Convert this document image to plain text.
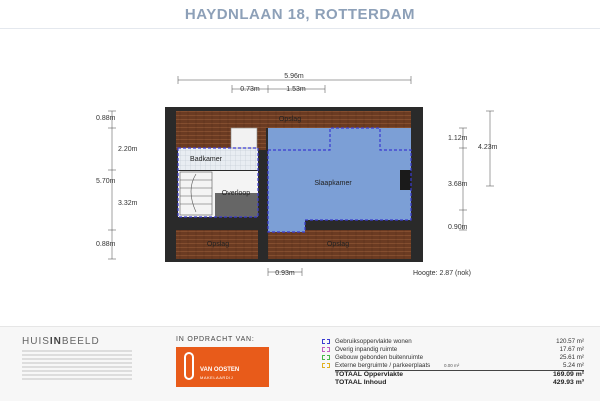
HAYDNLAAN 18, ROTTERDAM
5.96m
0.73m	1.53m
0.88m
2.20m
5.70m
3.32m
0.88m
1.12m
4.23m
3.68m
0.90m
0.93m	Hoogte: 2.87 (nok)
Opslag
Badkamer
Slaapkamer
Overloop
Opslag	Opslag
HUISINBEELD	IN OPDRACHT VAN:
VAN OOSTEN
MAKELAARDIJ
Gebruiksoppervlakte wonen	120.57 m²
Overig inpandig ruimte	17.67 m²
Gebouw gebonden buitenruimte	25.61 m²
Externe bergruimte / parkeerplaats	0.00 m²	5.24 m²
TOTAAL Oppervlakte	169.09 m²
TOTAAL Inhoud	429.93 m³
